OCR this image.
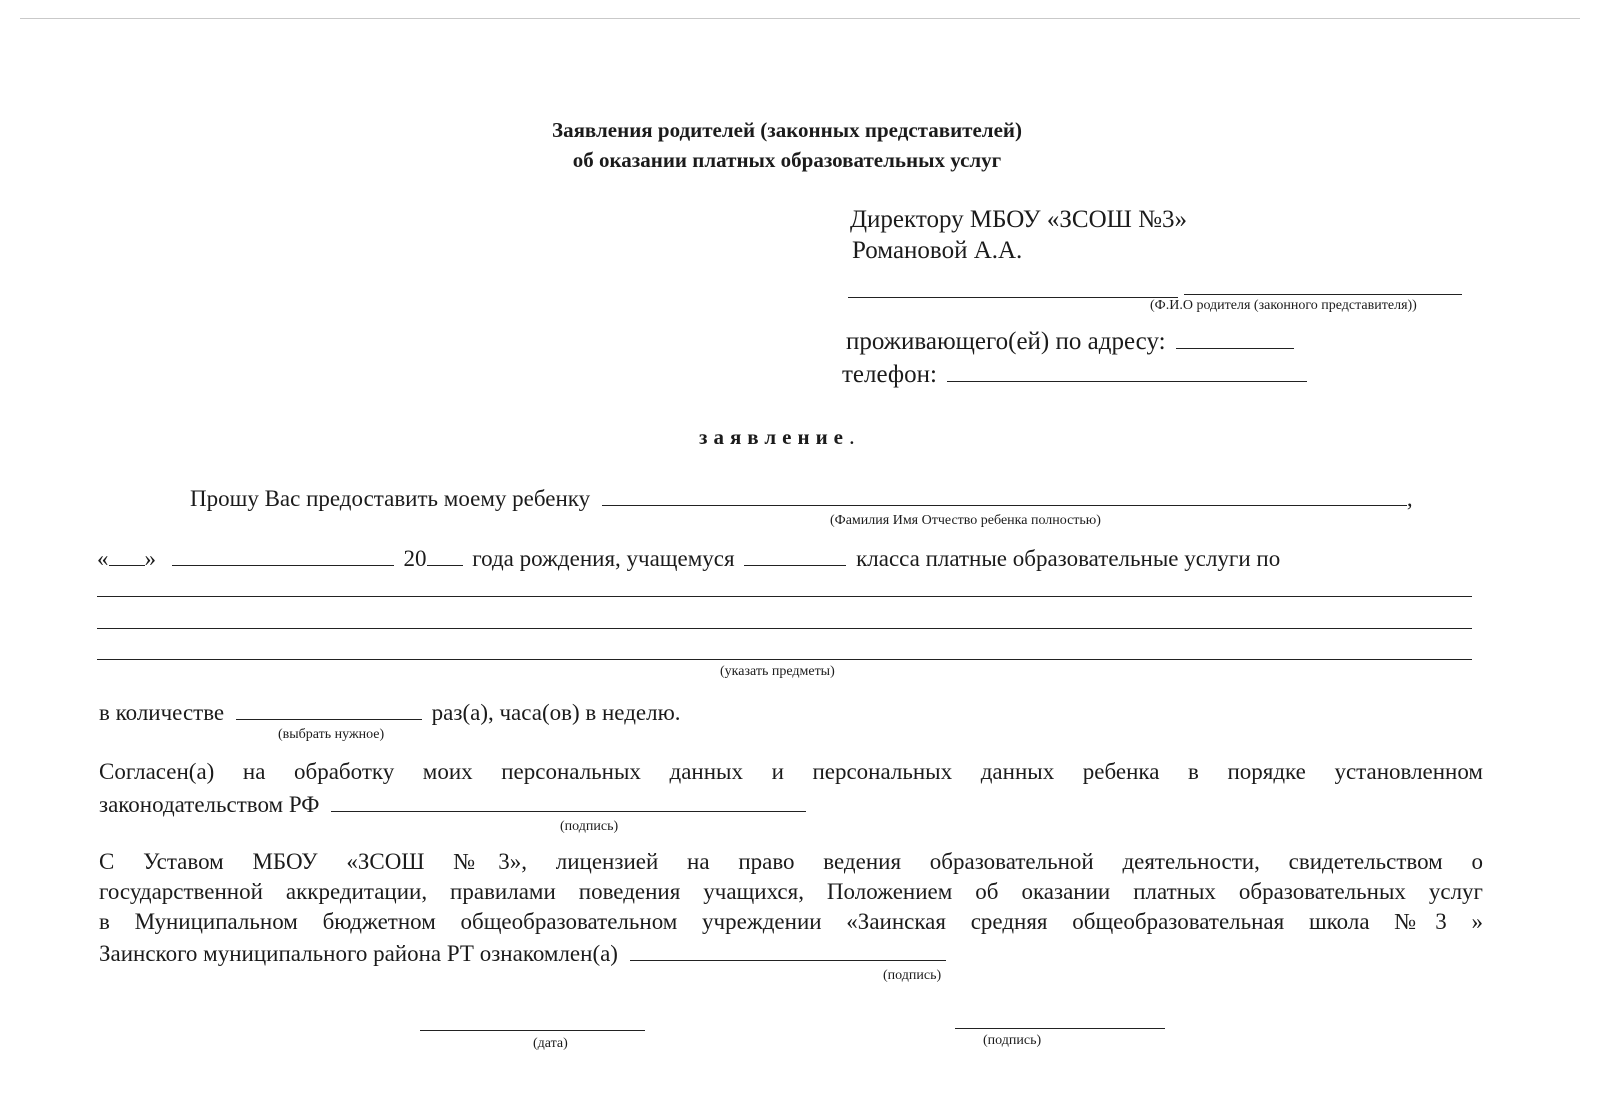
Заявления родителей (законных представителей)
об оказании платных образовательных услуг
Директору МБОУ «ЗСОШ №3»
Романовой А.А.
(Ф.И.О родителя (законного представителя))
проживающего(ей) по адресу:
телефон:
заявление.
Прошу Вас предоставить моему ребенку	,
(Фамилия Имя Отчество ребенка полностью)
« »	20 года рождения, учащемуся	класса платные образовательные услуги по
(указать предметы)
в количестве	раз(а), часа(ов) в неделю.
(выбрать нужное)
Согласен(а) на обработку моих персональных данных и персональных данных ребенка в порядке установленном
законодательством РФ
(подпись)
С Уставом МБОУ «ЗСОШ №3», лицензией на право ведения образовательной деятельности, свидетельством о
государственной аккредитации, правилами поведения учащихся, Положением об оказании платных образовательных услуг
в Муниципальном бюджетном общеобразовательном учреждении «Заинская средняя общеобразовательная школа №3 »
Заинского муниципального района РТ ознакомлен(а)
(подпись)
(дата)	(подпись)
